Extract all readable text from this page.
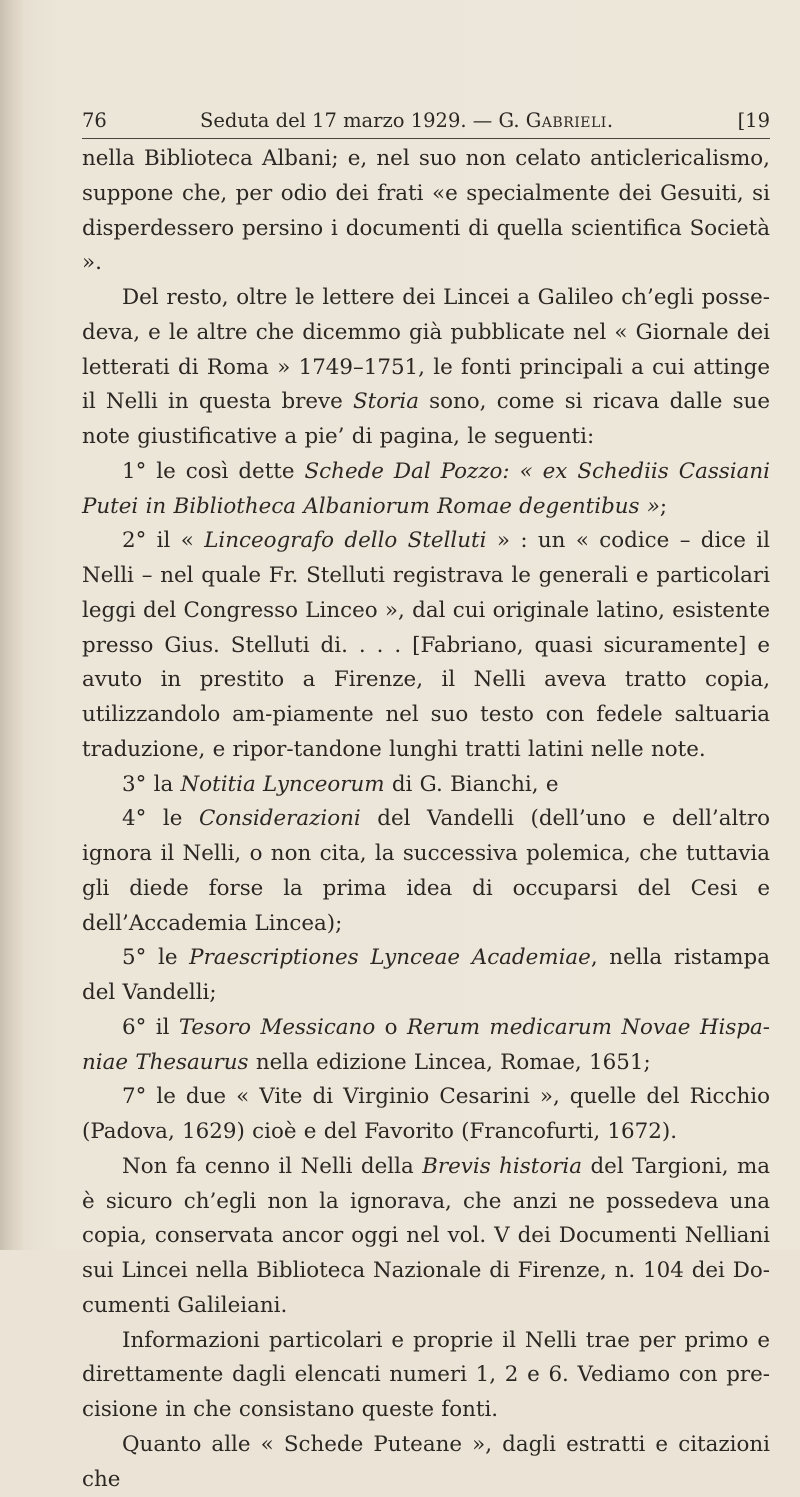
76	Seduta del 17 marzo 1929. — G. Gabrieli.	[19

nella Biblioteca Albani; e, nel suo non celato anticlericalismo, suppone che, per odio dei frati «e specialmente dei Gesuiti, si disperdessero persino i documenti di quella scientifica Società ».

Del resto, oltre le lettere dei Lincei a Galileo ch’egli posse-deva, e le altre che dicemmo già pubblicate nel « Giornale dei letterati di Roma » 1749–1751, le fonti principali a cui attinge il Nelli in questa breve Storia sono, come si ricava dalle sue note giustificative a pie’ di pagina, le seguenti:

1° le così dette Schede Dal Pozzo: « ex Schediis Cassiani Putei in Bibliotheca Albaniorum Romae degentibus »;

2° il « Linceografo dello Stelluti » : un « codice – dice il Nelli – nel quale Fr. Stelluti registrava le generali e particolari leggi del Congresso Linceo », dal cui originale latino, esistente presso Gius. Stelluti di. . . . [Fabriano, quasi sicuramente] e avuto in prestito a Firenze, il Nelli aveva tratto copia, utilizzandolo am-piamente nel suo testo con fedele saltuaria traduzione, e ripor-tandone lunghi tratti latini nelle note.

3° la Notitia Lynceorum di G. Bianchi, e

4° le Considerazioni del Vandelli (dell’uno e dell’altro ignora il Nelli, o non cita, la successiva polemica, che tuttavia gli diede forse la prima idea di occuparsi del Cesi e dell’Accademia Lincea);

5° le Praescriptiones Lynceae Academiae, nella ristampa del Vandelli;

6° il Tesoro Messicano o Rerum medicarum Novae Hispa-niae Thesaurus nella edizione Lincea, Romae, 1651;

7° le due « Vite di Virginio Cesarini », quelle del Ricchio (Padova, 1629) cioè e del Favorito (Francofurti, 1672).

Non fa cenno il Nelli della Brevis historia del Targioni, ma è sicuro ch’egli non la ignorava, che anzi ne possedeva una copia, conservata ancor oggi nel vol. V dei Documenti Nelliani sui Lincei nella Biblioteca Nazionale di Firenze, n. 104 dei Do-cumenti Galileiani.

Informazioni particolari e proprie il Nelli trae per primo e direttamente dagli elencati numeri 1, 2 e 6. Vediamo con pre-cisione in che consistano queste fonti.

Quanto alle « Schede Puteane », dagli estratti e citazioni che
